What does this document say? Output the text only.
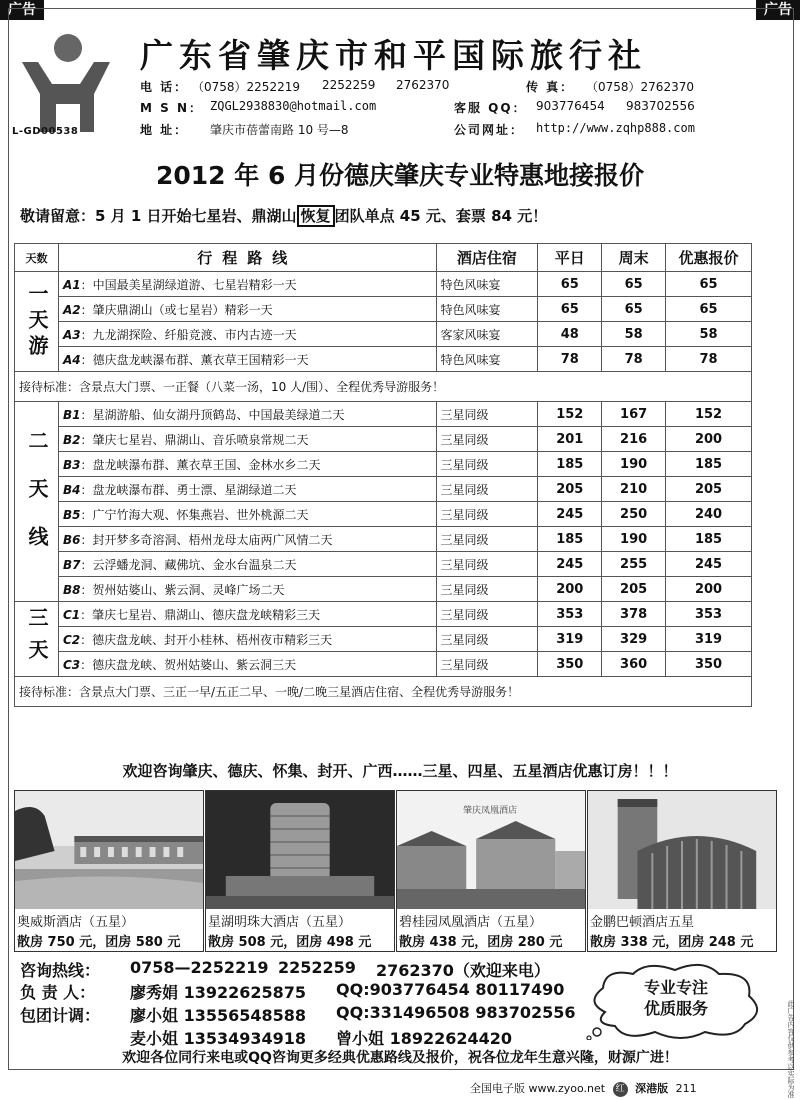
广告	广告
L-GD00538
广东省肇庆市和平国际旅行社
电 话： （0758）2252219 2252259 2762370	传 真： （0758）2762370
M S N： ZQGL2938830@hotmail.com	客服 QQ： 903776454 983702556
地 址： 肇庆市蓓蕾南路 10 号—8	公司网址： http://www.zqhp888.com
2012 年 6 月份德庆肇庆专业特惠地接报价
敬请留意：5 月 1 日开始七星岩、鼎湖山 恢复 团队单点 45 元、套票 84 元！
天数	行程路线	酒店住宿	平日	周末	优惠报价
一天游	A1：中国最美星湖绿道游、七星岩精彩一天	特色风味宴	65	65	65
	A2：肇庆鼎湖山（或七星岩）精彩一天	特色风味宴	65	65	65
	A3：九龙湖探险、纤船竞渡、市内古迹一天	客家风味宴	48	58	58
	A4：德庆盘龙峡瀑布群、薰衣草王国精彩一天	特色风味宴	78	78	78
接待标准：含景点大门票、一正餐（八菜一汤，10 人/围）、全程优秀导游服务！					
二天线	B1：星湖游船、仙女湖丹顶鹤岛、中国最美绿道二天	三星同级	152	167	152
	B2：肇庆七星岩、鼎湖山、音乐喷泉常规二天	三星同级	201	216	200
	B3：盘龙峡瀑布群、薰衣草王国、金林水乡二天	三星同级	185	190	185
	B4：盘龙峡瀑布群、勇士漂、星湖绿道二天	三星同级	205	210	205
	B5：广宁竹海大观、怀集燕岩、世外桃源二天	三星同级	245	250	240
	B6：封开梦多奇溶洞、梧州龙母太庙两广风情二天	三星同级	185	190	185
	B7：云浮蟠龙洞、藏佛坑、金水台温泉二天	三星同级	245	255	245
	B8：贺州姑婆山、紫云洞、灵峰广场二天	三星同级	200	205	200
三天	C1：肇庆七星岩、鼎湖山、德庆盘龙峡精彩三天	三星同级	353	378	353
	C2：德庆盘龙峡、封开小桂林、梧州夜市精彩三天	三星同级	319	329	319
	C3：德庆盘龙峡、贺州姑婆山、紫云洞三天	三星同级	350	360	350
接待标准：含景点大门票、三正一早/五正二早、一晚/二晚三星酒店住宿、全程优秀导游服务！					
欢迎咨询肇庆、德庆、怀集、封开、广西……三星、四星、五星酒店优惠订房！！！
奥威斯酒店（五星）
散房 750 元，团房 580 元
星湖明珠大酒店（五星）
散房 508 元，团房 498 元
肇庆凤凰酒店
碧桂园凤凰酒店（五星）
散房 438 元，团房 280 元
金鹏巴顿酒店五星
散房 338 元，团房 248 元
咨询热线： 0758—2252219 2252259 2762370（欢迎来电）
负 责 人： 廖秀娟 13922625875 QQ:903776454 80117490
包团计调： 廖小姐 13556548588 QQ:331496508 983702556
麦小姐 13534934918 曾小姐 18922624420
专业专注
优质服务
欢迎各位同行来电或QQ咨询更多经典优惠路线及报价，祝各位龙年生意兴隆，财源广进！
全国电子版 www.zyoo.net 红 深港版 211	此广告内容仅供参考以实际为准
